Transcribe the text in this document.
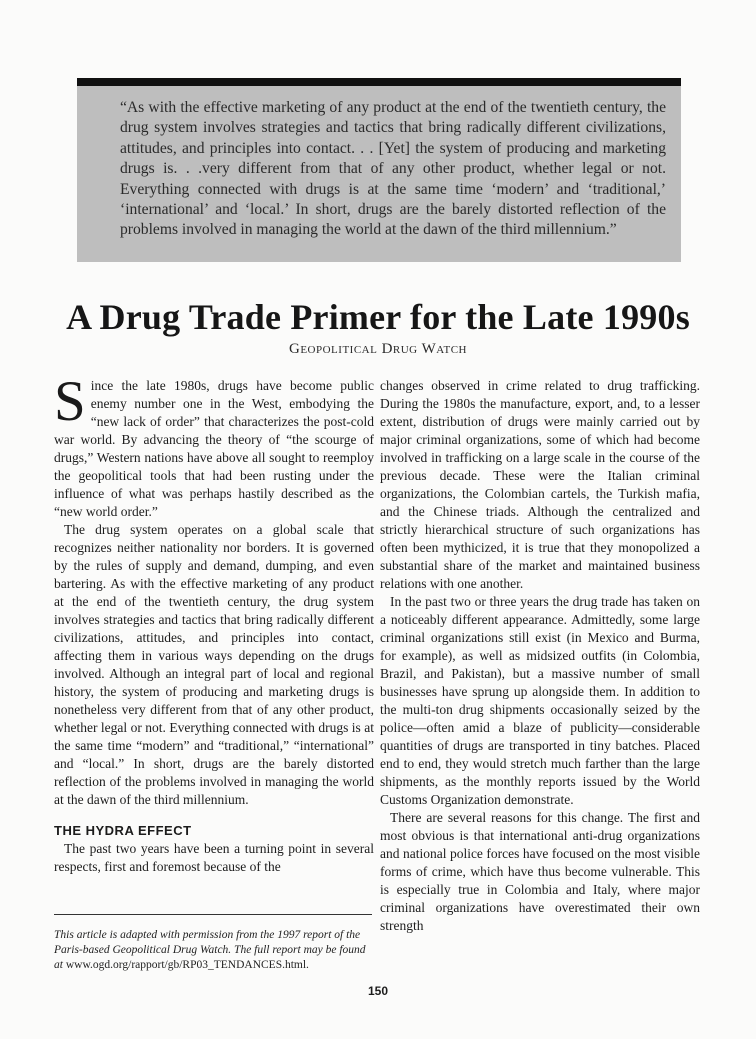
“As with the effective marketing of any product at the end of the twentieth century, the drug system involves strategies and tactics that bring radically different civilizations, attitudes, and principles into contact. . . [Yet] the system of producing and marketing drugs is. . .very different from that of any other product, whether legal or not. Everything connected with drugs is at the same time ‘modern’ and ‘traditional,’ ‘international’ and ‘local.’ In short, drugs are the barely distorted reflection of the problems involved in managing the world at the dawn of the third millennium.”
A Drug Trade Primer for the Late 1990s
Geopolitical Drug Watch

Since the late 1980s, drugs have become public enemy number one in the West, embodying the “new lack of order” that characterizes the post-cold war world. By advancing the theory of “the scourge of drugs,” Western nations have above all sought to reemploy the geopolitical tools that had been rusting under the influence of what was perhaps hastily described as the “new world order.”

The drug system operates on a global scale that recognizes neither nationality nor borders. It is governed by the rules of supply and demand, dumping, and even bartering. As with the effective marketing of any product at the end of the twentieth century, the drug system involves strategies and tactics that bring radically different civilizations, attitudes, and principles into contact, affecting them in various ways depending on the drugs involved. Although an integral part of local and regional history, the system of producing and marketing drugs is nonetheless very different from that of any other product, whether legal or not. Everything connected with drugs is at the same time “modern” and “traditional,” “international” and “local.” In short, drugs are the barely distorted reflection of the problems involved in managing the world at the dawn of the third millennium.

THE HYDRA EFFECT

The past two years have been a turning point in several respects, first and foremost because of the

This article is adapted with permission from the 1997 report of the Paris-based Geopolitical Drug Watch. The full report may be found at www.ogd.org/rapport/gb/RP03_TENDANCES.html.

changes observed in crime related to drug trafficking. During the 1980s the manufacture, export, and, to a lesser extent, distribution of drugs were mainly carried out by major criminal organizations, some of which had become involved in trafficking on a large scale in the course of the previous decade. These were the Italian criminal organizations, the Colombian cartels, the Turkish mafia, and the Chinese triads. Although the centralized and strictly hierarchical structure of such organizations has often been mythicized, it is true that they monopolized a substantial share of the market and maintained business relations with one another.

In the past two or three years the drug trade has taken on a noticeably different appearance. Admittedly, some large criminal organizations still exist (in Mexico and Burma, for example), as well as midsized outfits (in Colombia, Brazil, and Pakistan), but a massive number of small businesses have sprung up alongside them. In addition to the multi-ton drug shipments occasionally seized by the police—often amid a blaze of publicity—considerable quantities of drugs are transported in tiny batches. Placed end to end, they would stretch much farther than the large shipments, as the monthly reports issued by the World Customs Organization demonstrate.

There are several reasons for this change. The first and most obvious is that international anti-drug organizations and national police forces have focused on the most visible forms of crime, which have thus become vulnerable. This is especially true in Colombia and Italy, where major criminal organizations have overestimated their own strength

150
